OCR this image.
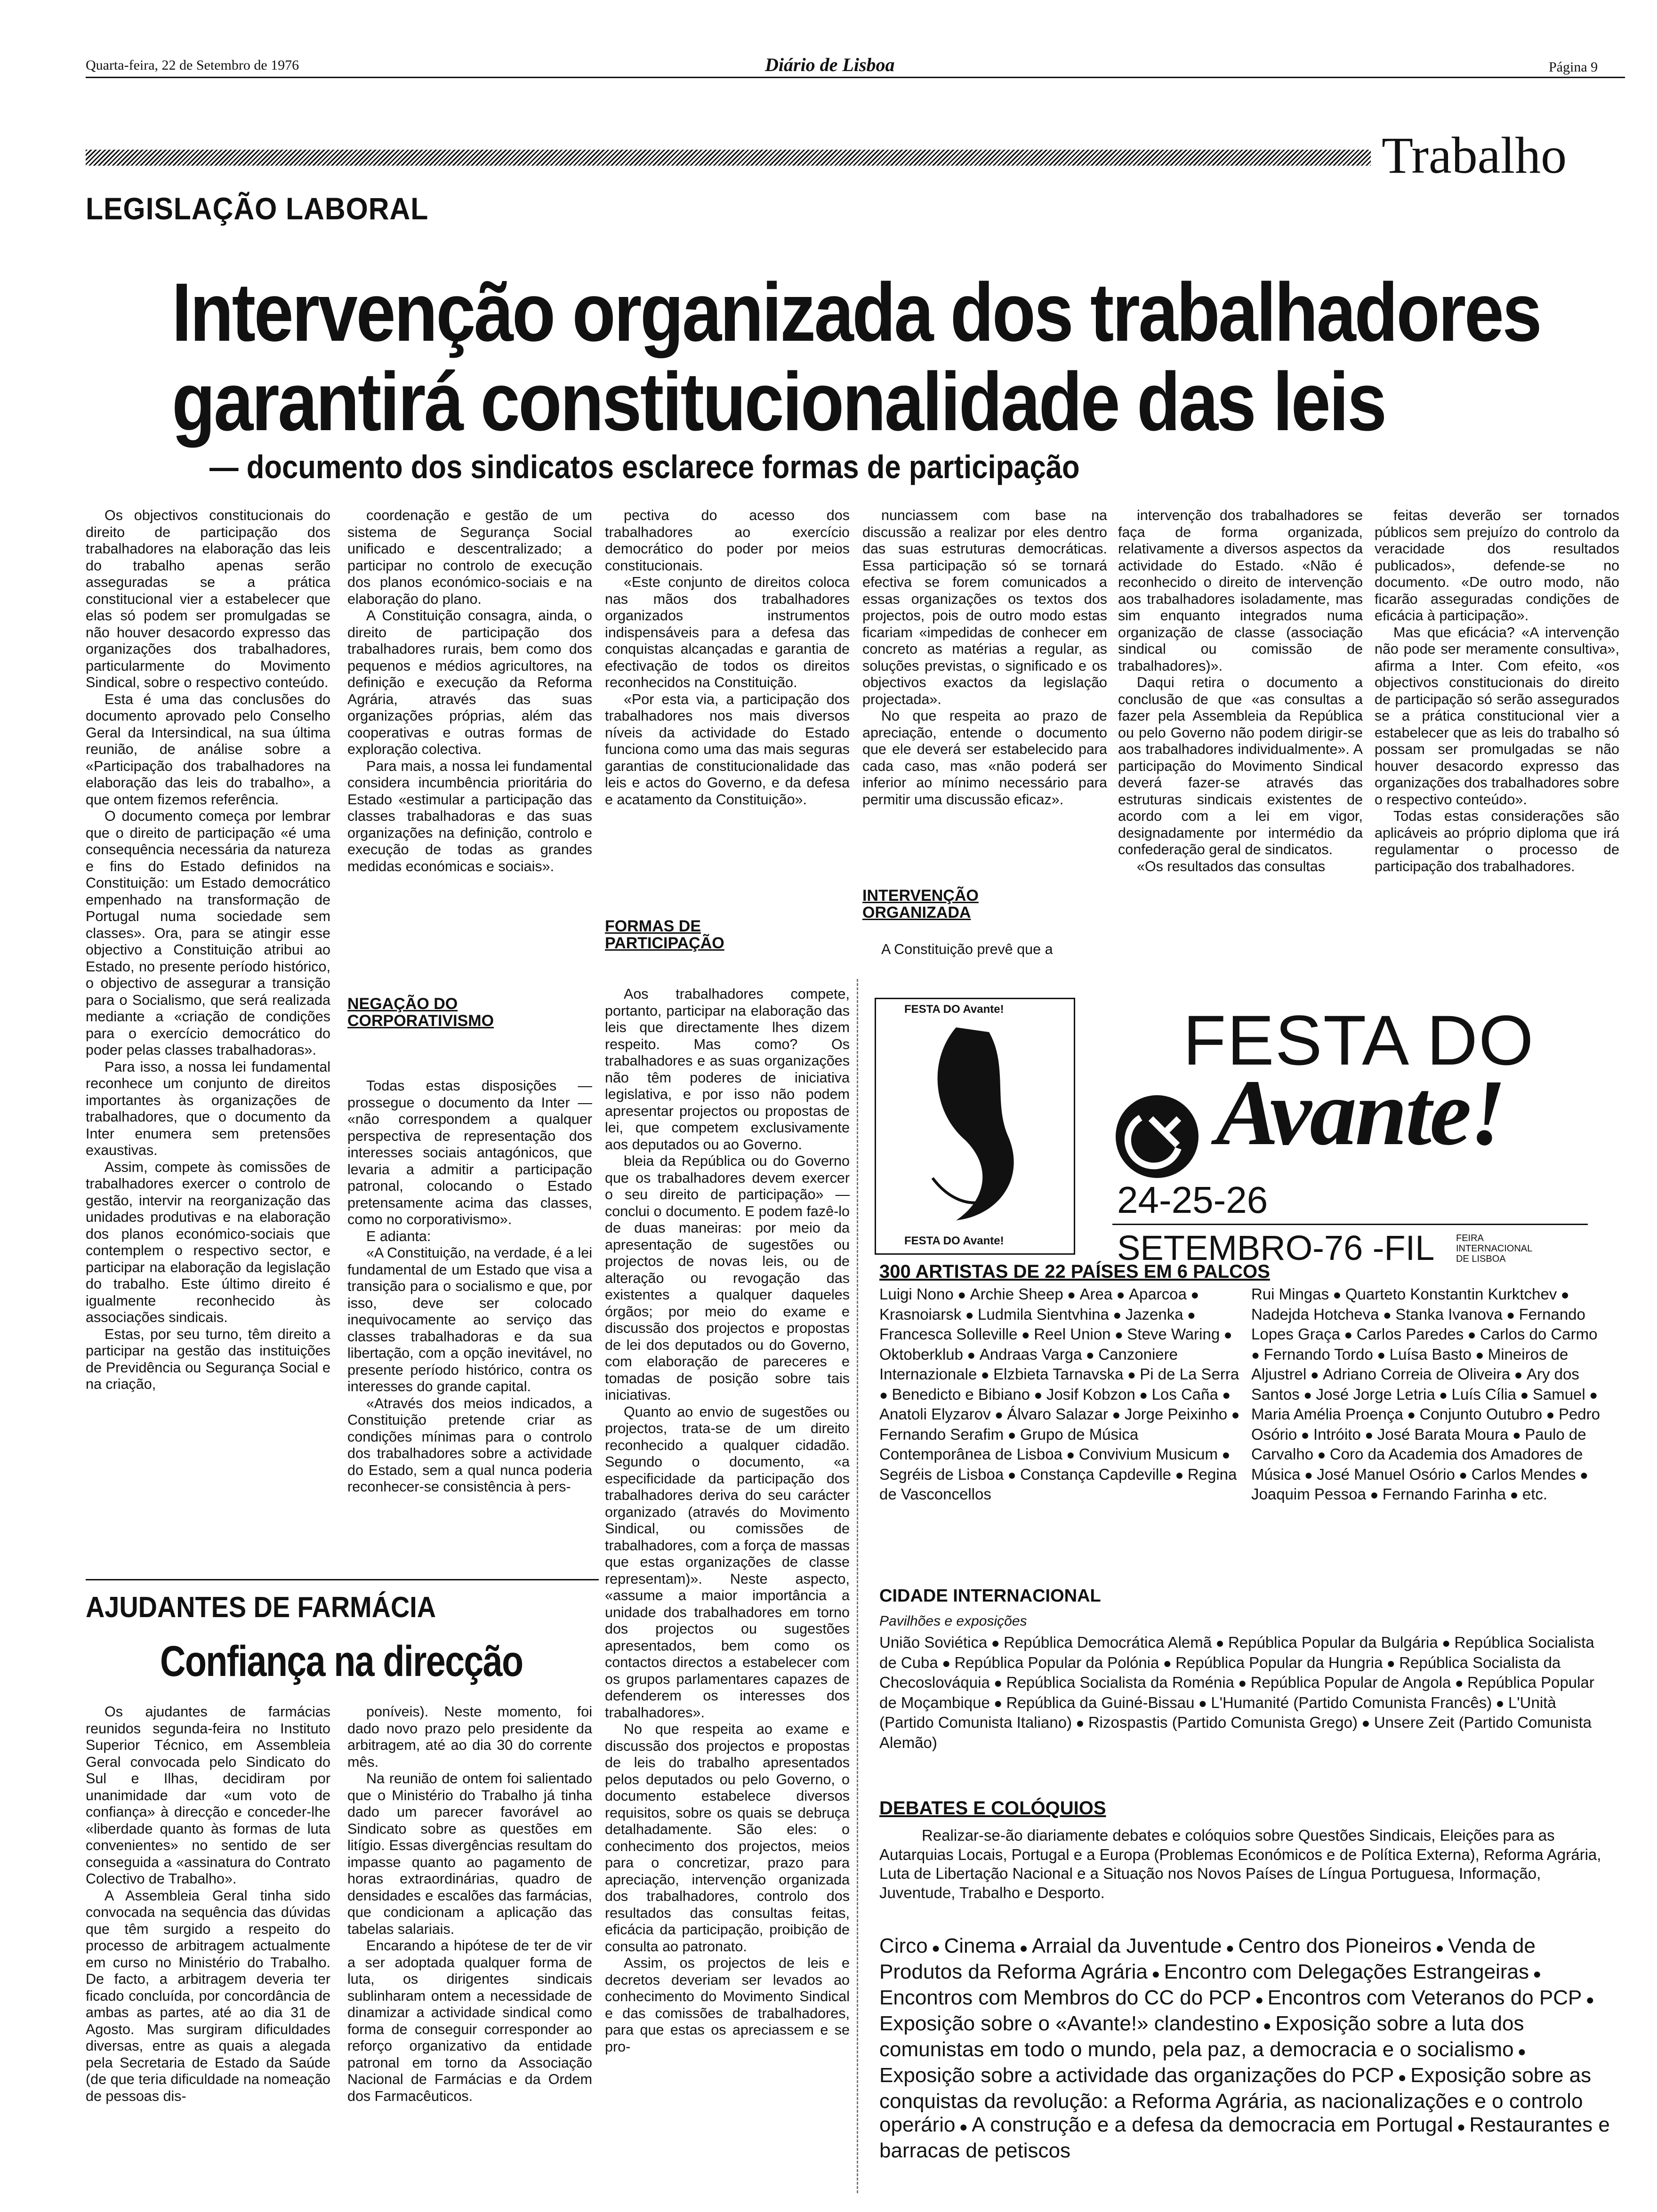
Quarta-feira, 22 de Setembro de 1976	Diário de Lisboa	Página 9
Trabalho
LEGISLAÇÃO LABORAL
Intervenção organizada dos trabalhadores
garantirá constitucionalidade das leis
— documento dos sindicatos esclarece formas de participação

Os objectivos constitucionais do direito de participação dos trabalhadores na elaboração das leis do trabalho apenas serão asseguradas se a prática constitucional vier a estabelecer que elas só podem ser promulgadas se não houver desacordo expresso das organizações dos trabalhadores, particularmente do Movimento Sindical, sobre o respectivo conteúdo.

Esta é uma das conclusões do documento aprovado pelo Conselho Geral da Intersindical, na sua última reunião, de análise sobre a «Participação dos trabalhadores na elaboração das leis do trabalho», a que ontem fizemos referência.

O documento começa por lembrar que o direito de participação «é uma consequência necessária da natureza e fins do Estado definidos na Constituição: um Estado democrático empenhado na transformação de Portugal numa sociedade sem classes». Ora, para se atingir esse objectivo a Constituição atribui ao Estado, no presente período histórico, o objectivo de assegurar a transição para o Socialismo, que será realizada mediante a «criação de condições para o exercício democrático do poder pelas classes trabalhadoras».

Para isso, a nossa lei fundamental reconhece um conjunto de direitos importantes às organizações de trabalhadores, que o documento da Inter enumera sem pretensões exaustivas.

Assim, compete às comissões de trabalhadores exercer o controlo de gestão, intervir na reorganização das unidades produtivas e na elaboração dos planos económico-sociais que contemplem o respectivo sector, e participar na elaboração da legislação do trabalho. Este último direito é igualmente reconhecido às associações sindicais.

Estas, por seu turno, têm direito a participar na gestão das instituições de Previdência ou Segurança Social e na criação,

coordenação e gestão de um sistema de Segurança Social unificado e descentralizado; a participar no controlo de execução dos planos económico-sociais e na elaboração do plano.

A Constituição consagra, ainda, o direito de participação dos trabalhadores rurais, bem como dos pequenos e médios agricultores, na definição e execução da Reforma Agrária, através das suas organizações próprias, além das cooperativas e outras formas de exploração colectiva.

Para mais, a nossa lei fundamental considera incumbência prioritária do Estado «estimular a participação das classes trabalhadoras e das suas organizações na definição, controlo e execução de todas as grandes medidas económicas e sociais».

NEGAÇÃO DO CORPORATIVISMO

Todas estas disposições — prossegue o documento da Inter — «não correspondem a qualquer perspectiva de representação dos interesses sociais antagónicos, que levaria a admitir a participação patronal, colocando o Estado pretensamente acima das classes, como no corporativismo».

E adianta:

«A Constituição, na verdade, é a lei fundamental de um Estado que visa a transição para o socialismo e que, por isso, deve ser colocado inequivocamente ao serviço das classes trabalhadoras e da sua libertação, com a opção inevitável, no presente período histórico, contra os interesses do grande capital.

«Através dos meios indicados, a Constituição pretende criar as condições mínimas para o controlo dos trabalhadores sobre a actividade do Estado, sem a qual nunca poderia reconhecer-se consistência à pers-

pectiva do acesso dos trabalhadores ao exercício democrático do poder por meios constitucionais.

«Este conjunto de direitos coloca nas mãos dos trabalhadores organizados instrumentos indispensáveis para a defesa das conquistas alcançadas e garantia de efectivação de todos os direitos reconhecidos na Constituição.

«Por esta via, a participação dos trabalhadores nos mais diversos níveis da actividade do Estado funciona como uma das mais seguras garantias de constitucionalidade das leis e actos do Governo, e da defesa e acatamento da Constituição».

FORMAS DE PARTICIPAÇÃO

Aos trabalhadores compete, portanto, participar na elaboração das leis que directamente lhes dizem respeito. Mas como? Os trabalhadores e as suas organizações não têm poderes de iniciativa legislativa, e por isso não podem apresentar projectos ou propostas de lei, que competem exclusivamente aos deputados ou ao Governo.

bleia da República ou do Governo que os trabalhadores devem exercer o seu direito de participação» — conclui o documento. E podem fazê-lo de duas maneiras: por meio da apresentação de sugestões ou projectos de novas leis, ou de alteração ou revogação das existentes a qualquer daqueles órgãos; por meio do exame e discussão dos projectos e propostas de lei dos deputados ou do Governo, com elaboração de pareceres e tomadas de posição sobre tais iniciativas.

Quanto ao envio de sugestões ou projectos, trata-se de um direito reconhecido a qualquer cidadão. Segundo o documento, «a especificidade da participação dos trabalhadores deriva do seu carácter organizado (através do Movimento Sindical, ou comissões de trabalhadores, com a força de massas que estas organizações de classe representam)». Neste aspecto, «assume a maior importância a unidade dos trabalhadores em torno dos projectos ou sugestões apresentados, bem como os contactos directos a estabelecer com os grupos parlamentares capazes de defenderem os interesses dos trabalhadores».

No que respeita ao exame e discussão dos projectos e propostas de leis do trabalho apresentados pelos deputados ou pelo Governo, o documento estabelece diversos requisitos, sobre os quais se debruça detalhadamente. São eles: o conhecimento dos projectos, meios para o concretizar, prazo para apreciação, intervenção organizada dos trabalhadores, controlo dos resultados das consultas feitas, eficácia da participação, proibição de consulta ao patronato.

Assim, os projectos de leis e decretos deveriam ser levados ao conhecimento do Movimento Sindical e das comissões de trabalhadores, para que estas os apreciassem e se pro-

nunciassem com base na discussão a realizar por eles dentro das suas estruturas democráticas. Essa participação só se tornará efectiva se forem comunicados a essas organizações os textos dos projectos, pois de outro modo estas ficariam «impedidas de conhecer em concreto as matérias a regular, as soluções previstas, o significado e os objectivos exactos da legislação projectada».

No que respeita ao prazo de apreciação, entende o documento que ele deverá ser estabelecido para cada caso, mas «não poderá ser inferior ao mínimo necessário para permitir uma discussão eficaz».

INTERVENÇÃO ORGANIZADA

A Constituição prevê que a

intervenção dos trabalhadores se faça de forma organizada, relativamente a diversos aspectos da actividade do Estado. «Não é reconhecido o direito de intervenção aos trabalhadores isoladamente, mas sim enquanto integrados numa organização de classe (associação sindical ou comissão de trabalhadores)».

Daqui retira o documento a conclusão de que «as consultas a fazer pela Assembleia da República ou pelo Governo não podem dirigir-se aos trabalhadores individualmente». A participação do Movimento Sindical deverá fazer-se através das estruturas sindicais existentes de acordo com a lei em vigor, designadamente por intermédio da confederação geral de sindicatos.

«Os resultados das consultas

feitas deverão ser tornados públicos sem prejuízo do controlo da veracidade dos resultados publicados», defende-se no documento. «De outro modo, não ficarão asseguradas condições de eficácia à participação».

Mas que eficácia? «A intervenção não pode ser meramente consultiva», afirma a Inter. Com efeito, «os objectivos constitucionais do direito de participação só serão assegurados se a prática constitucional vier a estabelecer que as leis do trabalho só possam ser promulgadas se não houver desacordo expresso das organizações dos trabalhadores sobre o respectivo conteúdo».

Todas estas considerações são aplicáveis ao próprio diploma que irá regulamentar o processo de participação dos trabalhadores.

AJUDANTES DE FARMÁCIA
Confiança na direcção

Os ajudantes de farmácias reunidos segunda-feira no Instituto Superior Técnico, em Assembleia Geral convocada pelo Sindicato do Sul e Ilhas, decidiram por unanimidade dar «um voto de confiança» à direcção e conceder-lhe «liberdade quanto às formas de luta convenientes» no sentido de ser conseguida a «assinatura do Contrato Colectivo de Trabalho».

A Assembleia Geral tinha sido convocada na sequência das dúvidas que têm surgido a respeito do processo de arbitragem actualmente em curso no Ministério do Trabalho. De facto, a arbitragem deveria ter ficado concluída, por concordância de ambas as partes, até ao dia 31 de Agosto. Mas surgiram dificuldades diversas, entre as quais a alegada pela Secretaria de Estado da Saúde (de que teria dificuldade na nomeação de pessoas dis-

poníveis). Neste momento, foi dado novo prazo pelo presidente da arbitragem, até ao dia 30 do corrente mês.

Na reunião de ontem foi salientado que o Ministério do Trabalho já tinha dado um parecer favorável ao Sindicato sobre as questões em litígio. Essas divergências resultam do impasse quanto ao pagamento de horas extraordinárias, quadro de densidades e escalões das farmácias, que condicionam a aplicação das tabelas salariais.

Encarando a hipótese de ter de vir a ser adoptada qualquer forma de luta, os dirigentes sindicais sublinharam ontem a necessidade de dinamizar a actividade sindical como forma de conseguir corresponder ao reforço organizativo da entidade patronal em torno da Associação Nacional de Farmácias e da Ordem dos Farmacêuticos.

FESTA DO Avante!
FESTA DO Avante!
FESTA DO
Avante!
24-25-26
SETEMBRO-76 -FIL FEIRA INTERNACIONAL DE LISBOA
300 ARTISTAS DE 22 PAÍSES EM 6 PALCOS
Luigi Nono ● Archie Sheep ● Area ● Aparcoa ● Krasnoiarsk ● Ludmila Sientvhina ● Jazenka ● Francesca Solleville ● Reel Union ● Steve Waring ● Oktoberklub ● Andraas Varga ● Canzoniere Internazionale ● Elzbieta Tarnavska ● Pi de La Serra ● Benedicto e Bibiano ● Josif Kobzon ● Los Caña ● Anatoli Elyzarov ● Álvaro Salazar ● Jorge Peixinho ● Fernando Serafim ● Grupo de Música Contemporânea de Lisboa ● Convivium Musicum ● Segréis de Lisboa ● Constança Capdeville ● Regina de Vasconcellos
Rui Mingas ● Quarteto Konstantin Kurktchev ● Nadejda Hotcheva ● Stanka Ivanova ● Fernando Lopes Graça ● Carlos Paredes ● Carlos do Carmo ● Fernando Tordo ● Luísa Basto ● Mineiros de Aljustrel ● Adriano Correia de Oliveira ● Ary dos Santos ● José Jorge Letria ● Luís Cília ● Samuel ● Maria Amélia Proença ● Conjunto Outubro ● Pedro Osório ● Intróito ● José Barata Moura ● Paulo de Carvalho ● Coro da Academia dos Amadores de Música ● José Manuel Osório ● Carlos Mendes ● Joaquim Pessoa ● Fernando Farinha ● etc.
CIDADE INTERNACIONAL
Pavilhões e exposições
União Soviética ● República Democrática Alemã ● República Popular da Bulgária ● República Socialista de Cuba ● República Popular da Polónia ● República Popular da Hungria ● República Socialista da Checoslováquia ● República Socialista da Roménia ● República Popular de Angola ● República Popular de Moçambique ● República da Guiné-Bissau ● L'Humanité (Partido Comunista Francês) ● L'Unità (Partido Comunista Italiano) ● Rizospastis (Partido Comunista Grego) ● Unsere Zeit (Partido Comunista Alemão)
DEBATES E COLÓQUIOS
Realizar-se-ão diariamente debates e colóquios sobre Questões Sindicais, Eleições para as Autarquias Locais, Portugal e a Europa (Problemas Económicos e de Política Externa), Reforma Agrária, Luta de Libertação Nacional e a Situação nos Novos Países de Língua Portuguesa, Informação, Juventude, Trabalho e Desporto.
Circo ● Cinema ● Arraial da Juventude ● Centro dos Pioneiros ● Venda de Produtos da Reforma Agrária ● Encontro com Delegações Estrangeiras ● Encontros com Membros do CC do PCP ● Encontros com Veteranos do PCP ● Exposição sobre o «Avante!» clandestino ● Exposição sobre a luta dos comunistas em todo o mundo, pela paz, a democracia e o socialismo ● Exposição sobre a actividade das organizações do PCP ● Exposição sobre as conquistas da revolução: a Reforma Agrária, as nacionalizações e o controlo operário ● A construção e a defesa da democracia em Portugal ● Restaurantes e barracas de petiscos
